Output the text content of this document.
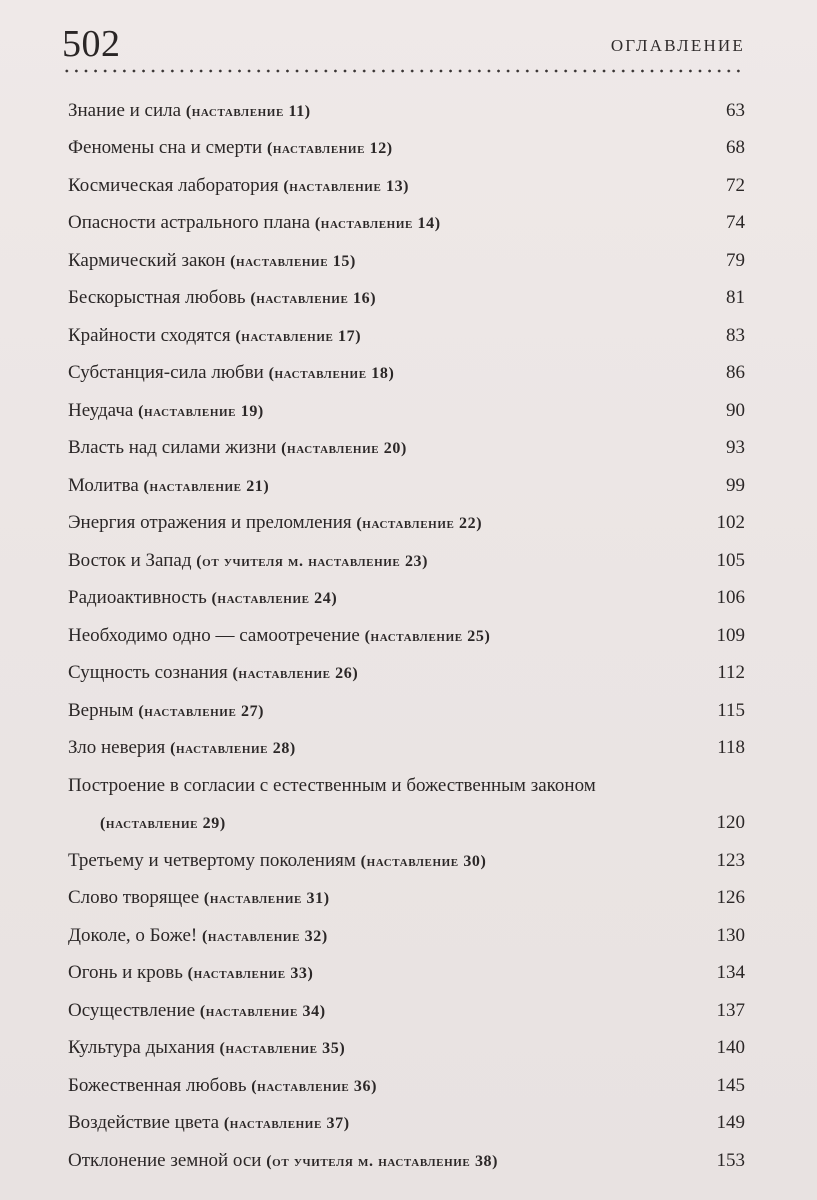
502	ОГЛАВЛЕНИЕ
Знание и сила (наставление 11)	63
Феномены сна и смерти (наставление 12)	68
Космическая лаборатория (наставление 13)	72
Опасности астрального плана (наставление 14)	74
Кармический закон (наставление 15)	79
Бескорыстная любовь (наставление 16)	81
Крайности сходятся (наставление 17)	83
Субстанция-сила любви (наставление 18)	86
Неудача (наставление 19)	90
Власть над силами жизни (наставление 20)	93
Молитва (наставление 21)	99
Энергия отражения и преломления (наставление 22)	102
Восток и Запад (от учителя м. наставление 23)	105
Радиоактивность (наставление 24)	106
Необходимо одно — самоотречение (наставление 25)	109
Сущность сознания (наставление 26)	112
Верным (наставление 27)	115
Зло неверия (наставление 28)	118
Построение в согласии с естественным и божественным законом
(наставление 29)	120
Третьему и четвертому поколениям (наставление 30)	123
Слово творящее (наставление 31)	126
Доколе, о Боже! (наставление 32)	130
Огонь и кровь (наставление 33)	134
Осуществление (наставление 34)	137
Культура дыхания (наставление 35)	140
Божественная любовь (наставление 36)	145
Воздействие цвета (наставление 37)	149
Отклонение земной оси (от учителя м. наставление 38)	153
